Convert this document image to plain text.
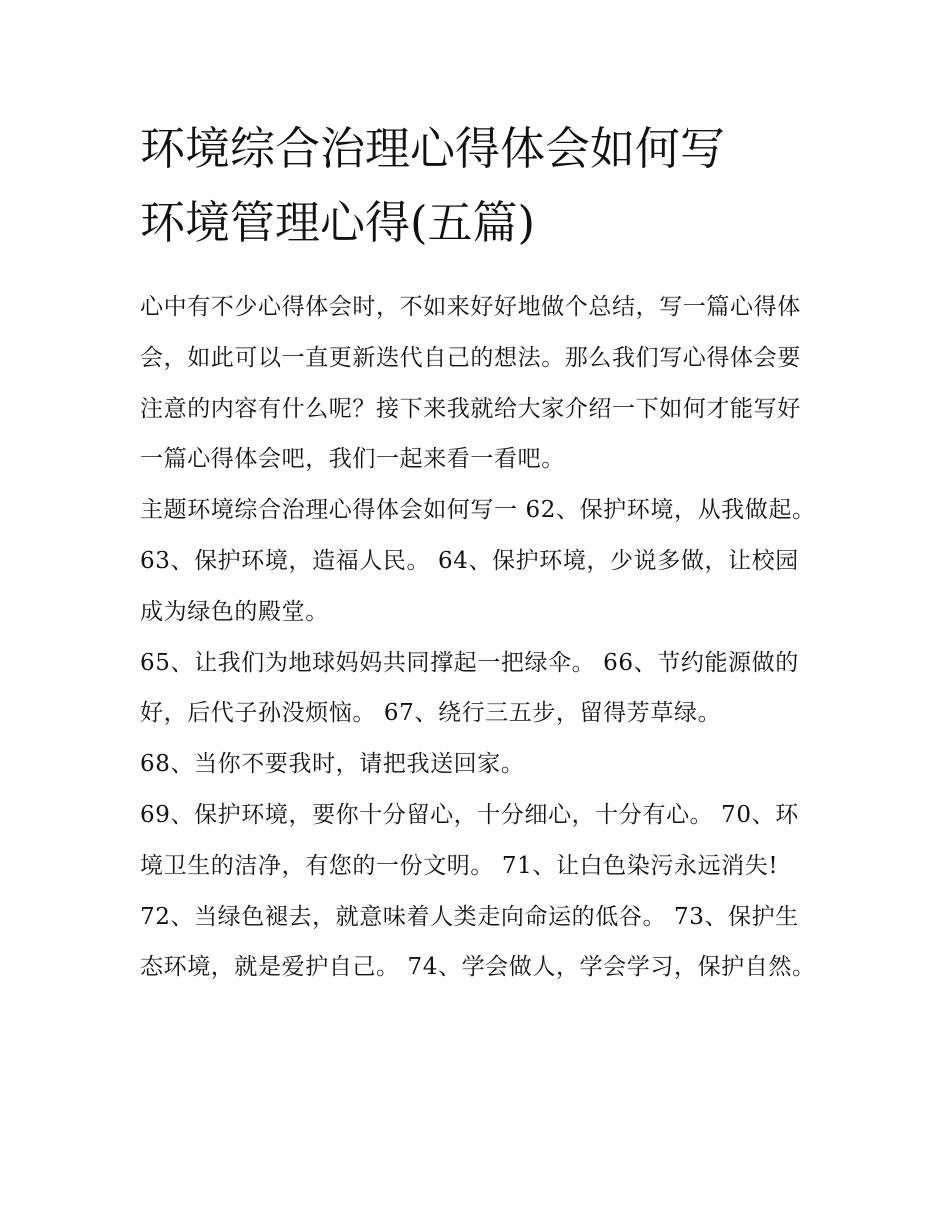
环境综合治理心得体会如何写
环境管理心得(五篇)

心中有不少心得体会时，不如来好好地做个总结，写一篇心得体会，如此可以一直更新迭代自己的想法。那么我们写心得体会要注意的内容有什么呢？接下来我就给大家介绍一下如何才能写好一篇心得体会吧，我们一起来看一看吧。

主题环境综合治理心得体会如何写一 62、保护环境，从我做起。 63、保护环境，造福人民。 64、保护环境，少说多做，让校园成为绿色的殿堂。

65、让我们为地球妈妈共同撑起一把绿伞。 66、节约能源做的好，后代子孙没烦恼。 67、绕行三五步，留得芳草绿。

68、当你不要我时，请把我送回家。

69、保护环境，要你十分留心，十分细心，十分有心。 70、环境卫生的洁净，有您的一份文明。 71、让白色染污永远消失!

72、当绿色褪去，就意味着人类走向命运的低谷。 73、保护生态环境，就是爱护自己。 74、学会做人，学会学习，保护自然。
